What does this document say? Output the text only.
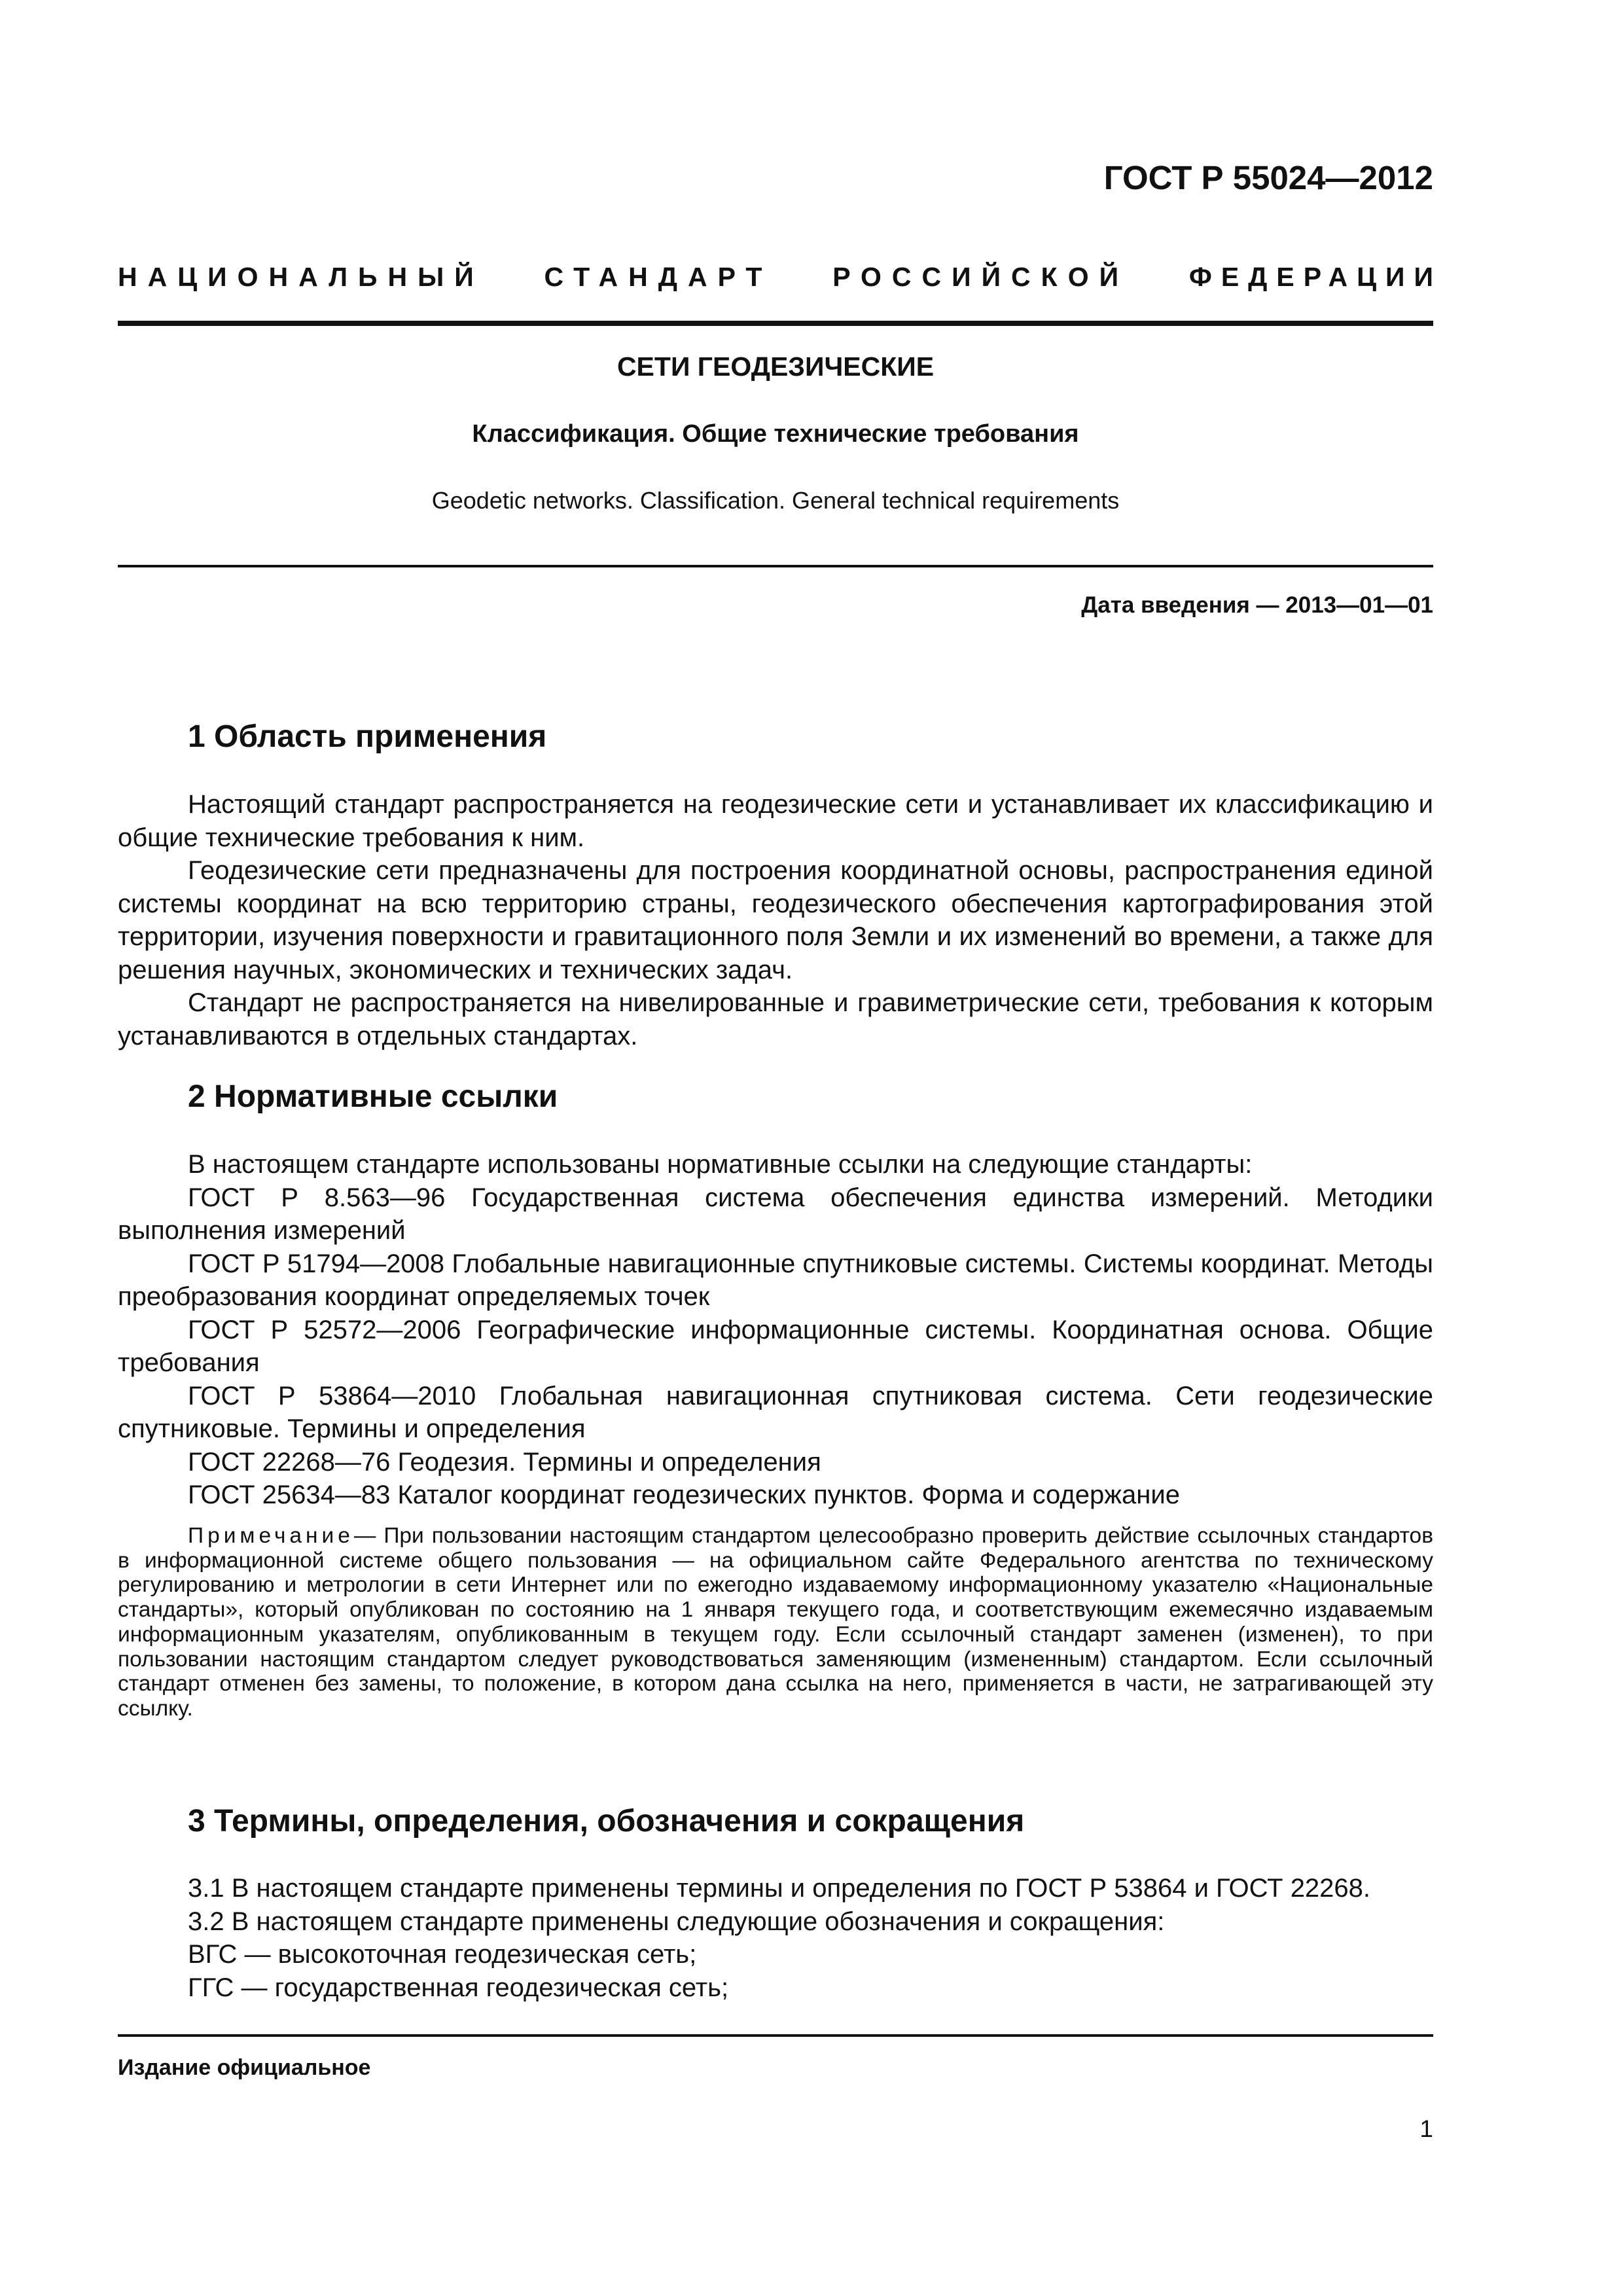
ГОСТ Р 55024—2012
НАЦИОНАЛЬНЫЙ СТАНДАРТ РОССИЙСКОЙ ФЕДЕРАЦИИ
СЕТИ ГЕОДЕЗИЧЕСКИЕ
Классификация. Общие технические требования
Geodetic networks. Classification. General technical requirements
Дата введения — 2013—01—01
1 Область применения

Настоящий стандарт распространяется на геодезические сети и устанавливает их классификацию и общие технические требования к ним.

Геодезические сети предназначены для построения координатной основы, распространения единой системы координат на всю территорию страны, геодезического обеспечения картографирования этой территории, изучения поверхности и гравитационного поля Земли и их изменений во времени, а также для решения научных, экономических и технических задач.

Стандарт не распространяется на нивелированные и гравиметрические сети, требования к которым устанавливаются в отдельных стандартах.

2 Нормативные ссылки

В настоящем стандарте использованы нормативные ссылки на следующие стандарты:

ГОСТ Р 8.563—96 Государственная система обеспечения единства измерений. Методики выполнения измерений

ГОСТ Р 51794—2008 Глобальные навигационные спутниковые системы. Системы координат. Методы преобразования координат определяемых точек

ГОСТ Р 52572—2006 Географические информационные системы. Координатная основа. Общие требования

ГОСТ Р 53864—2010 Глобальная навигационная спутниковая система. Сети геодезические спутниковые. Термины и определения

ГОСТ 22268—76 Геодезия. Термины и определения

ГОСТ 25634—83 Каталог координат геодезических пунктов. Форма и содержание

Примечание— При пользовании настоящим стандартом целесообразно проверить действие ссылочных стандартов в информационной системе общего пользования — на официальном сайте Федерального агентства по техническому регулированию и метрологии в сети Интернет или по ежегодно издаваемому информационному указателю «Национальные стандарты», который опубликован по состоянию на 1 января текущего года, и соответствующим ежемесячно издаваемым информационным указателям, опубликованным в текущем году. Если ссылочный стандарт заменен (изменен), то при пользовании настоящим стандартом следует руководствоваться заменяющим (измененным) стандартом. Если ссылочный стандарт отменен без замены, то положение, в котором дана ссылка на него, применяется в части, не затрагивающей эту ссылку.
3 Термины, определения, обозначения и сокращения

3.1 В настоящем стандарте применены термины и определения по ГОСТ Р 53864 и ГОСТ 22268.

3.2 В настоящем стандарте применены следующие обозначения и сокращения:

ВГС — высокоточная геодезическая сеть;

ГГС — государственная геодезическая сеть;

Издание официальное
1
